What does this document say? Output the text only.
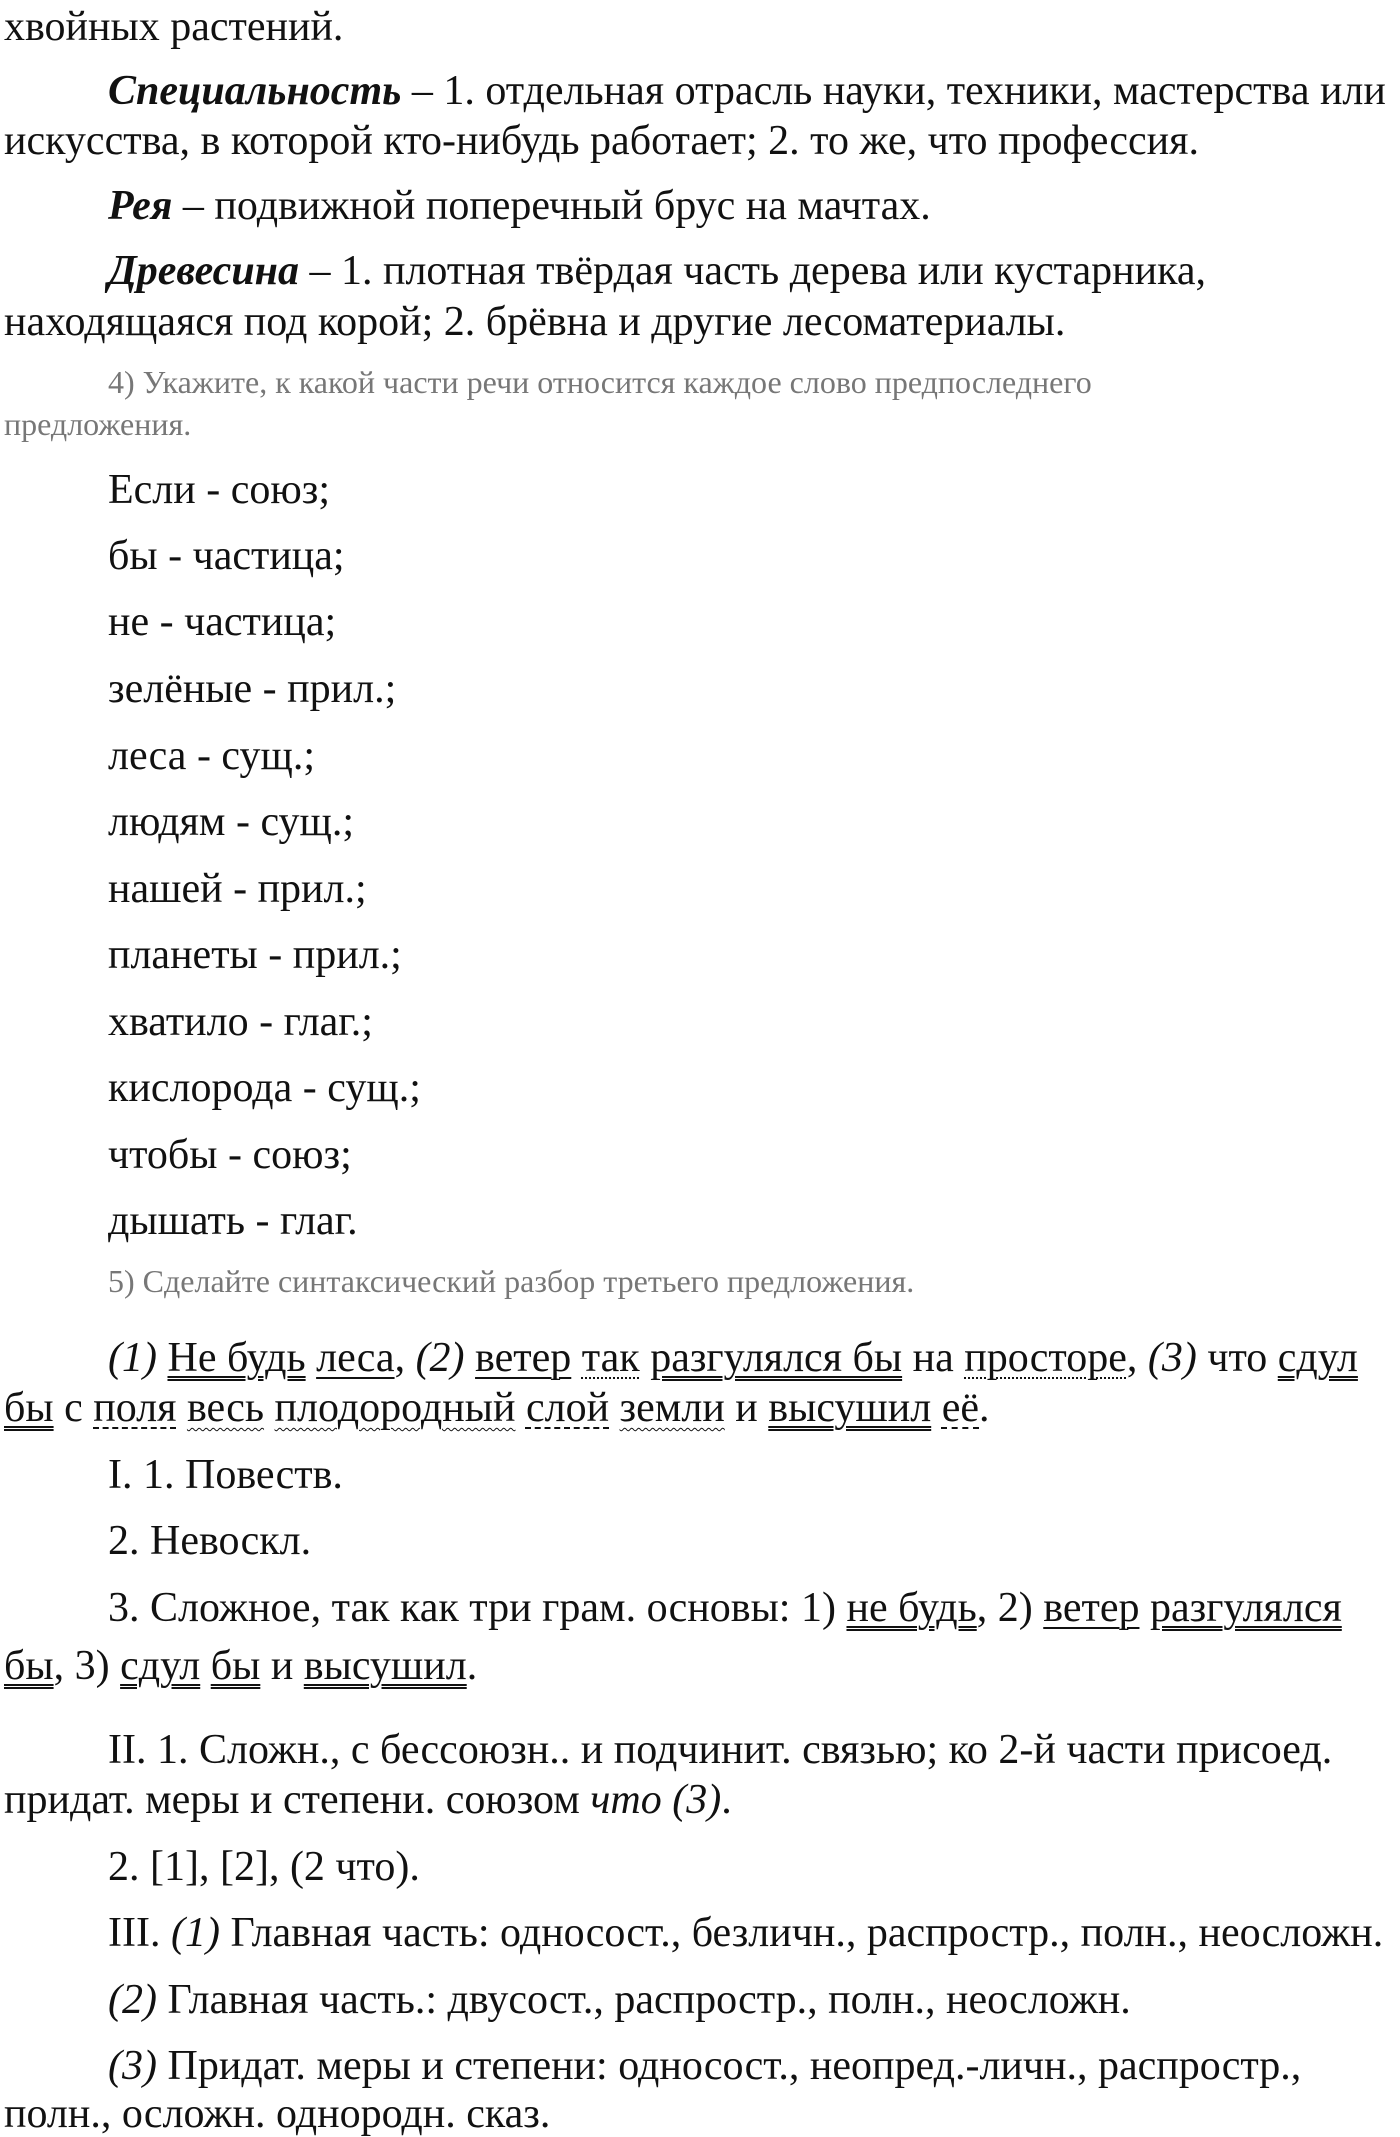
хвойных растений.
Специальность – 1. отдельная отрасль науки, техники, мастерства или
искусства, в которой кто-нибудь работает; 2. то же, что профессия.
Рея – подвижной поперечный брус на мачтах.
Древесина – 1. плотная твёрдая часть дерева или кустарника,
находящаяся под корой; 2. брёвна и другие лесоматериалы.
4) Укажите, к какой части речи относится каждое слово предпоследнего
предложения.
Если - союз;
бы - частица;
не - частица;
зелёные - прил.;
леса - сущ.;
людям - сущ.;
нашей - прил.;
планеты - прил.;
хватило - глаг.;
кислорода - сущ.;
чтобы - союз;
дышать - глаг.
5) Сделайте синтаксический разбор третьего предложения.
(1) Не будь леса, (2) ветер так разгулялся бы на просторе, (3) что сдул
бы с поля весь плодородный слой земли и высушил её.
I. 1. Повеств.
2. Невоскл.
3. Сложное, так как три грам. основы: 1) не будь, 2) ветер разгулялся
бы, 3) сдул бы и высушил.
II. 1. Сложн., с бессоюзн.. и подчинит. связью; ко 2-й части присоед.
придат. меры и степени. союзом что (3).
2. [1], [2], (2 что).
III. (1) Главная часть: односост., безличн., распростр., полн., неосложн.
(2) Главная часть.: двусост., распростр., полн., неосложн.
(3) Придат. меры и степени: односост., неопред.-личн., распростр.,
полн., осложн. однородн. сказ.
